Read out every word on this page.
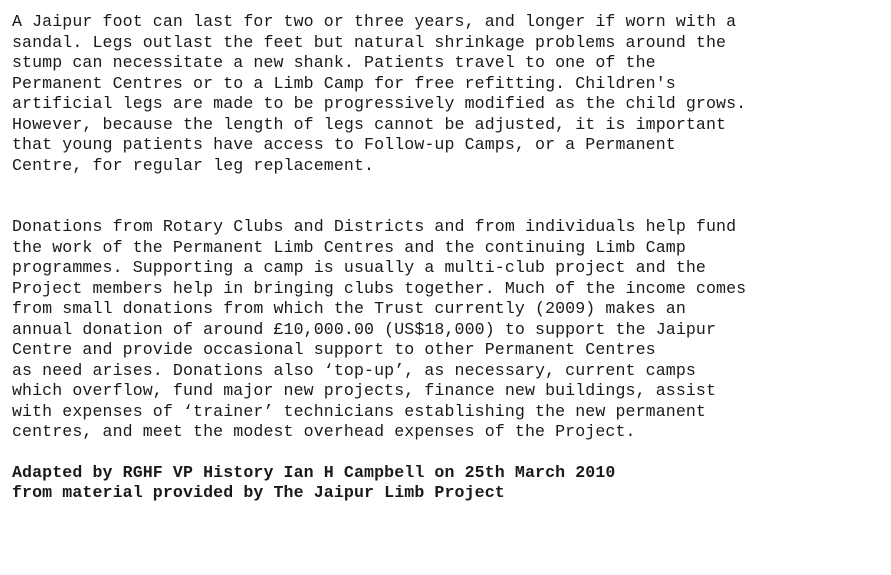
A Jaipur foot can last for two or three years, and longer if worn with a
sandal. Legs outlast the feet but natural shrinkage problems around the
stump can necessitate a new shank. Patients travel to one of the
Permanent Centres or to a Limb Camp for free refitting. Children's
artificial legs are made to be progressively modified as the child grows.
However, because the length of legs cannot be adjusted, it is important
that young patients have access to Follow-up Camps, or a Permanent
Centre, for regular leg replacement.
Donations from Rotary Clubs and Districts and from individuals help fund
the work of the Permanent Limb Centres and the continuing Limb Camp
programmes. Supporting a camp is usually a multi-club project and the
Project members help in bringing clubs together. Much of the income comes
from small donations from which the Trust currently (2009) makes an
annual donation of around £10,000.00 (US$18,000) to support the Jaipur
Centre and provide occasional support to other Permanent Centres
as need arises. Donations also ‘top-up’, as necessary, current camps
which overflow, fund major new projects, finance new buildings, assist
with expenses of ‘trainer’ technicians establishing the new permanent
centres, and meet the modest overhead expenses of the Project.
Adapted by RGHF VP History Ian H Campbell on 25th March 2010
from material provided by The Jaipur Limb Project
